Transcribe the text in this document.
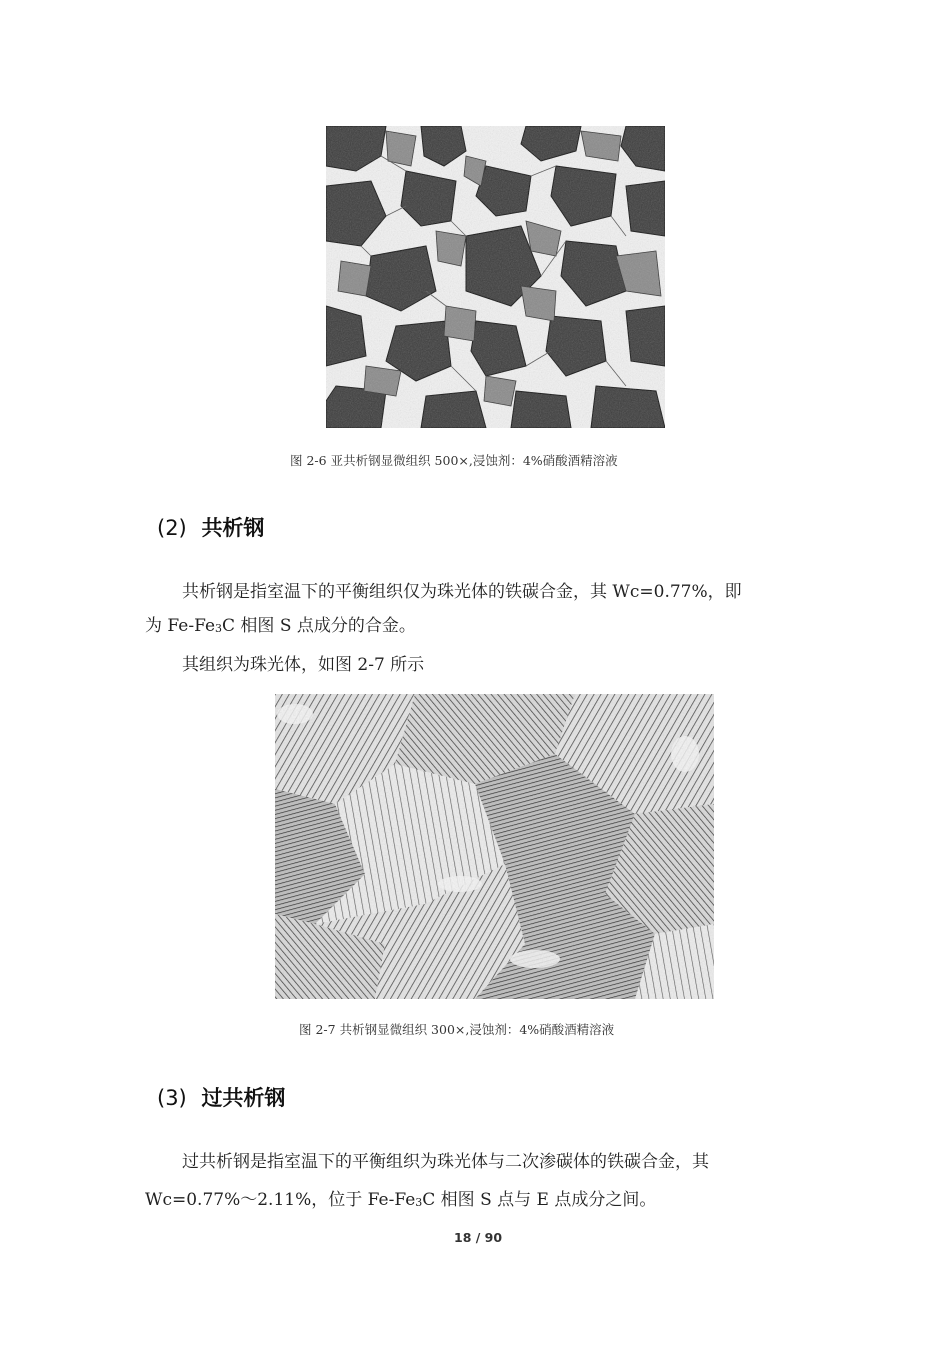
图 2-6 亚共析钢显微组织 500×,浸蚀剂：4%硝酸酒精溶液
(2) 共析钢
共析钢是指室温下的平衡组织仅为珠光体的铁碳合金，其 Wc=0.77%，即
为 Fe-Fe3C 相图 S 点成分的合金。
其组织为珠光体，如图 2-7 所示
图 2-7 共析钢显微组织 300×,浸蚀剂：4%硝酸酒精溶液
(3) 过共析钢
过共析钢是指室温下的平衡组织为珠光体与二次渗碳体的铁碳合金，其
Wc=0.77%～2.11%，位于 Fe-Fe3C 相图 S 点与 E 点成分之间。
18 / 90
